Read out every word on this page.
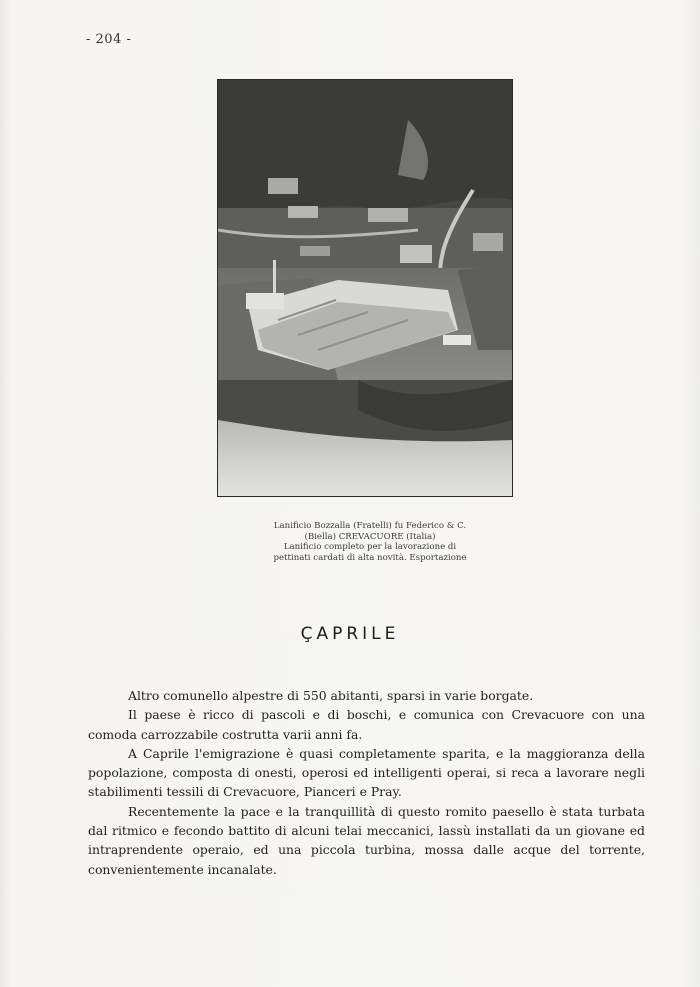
- 204 -
Lanificio Bozzalla (Fratelli) fu Federico & C.
(Biella) CREVACUORE (Italia)
Lanificio completo per la lavorazione di
pettinati cardati di alta novità. Esportazione
ÇAPRILE

Altro comunello alpestre di 550 abitanti, sparsi in varie borgate.

Il paese è ricco di pascoli e di boschi, e comunica con Crevacuore con una comoda carrozzabile costrutta varii anni fa.

A Caprile l'emigrazione è quasi completamente sparita, e la maggioranza della popolazione, composta di onesti, operosi ed intelligenti operai, si reca a lavorare negli stabilimenti tessili di Crevacuore, Pianceri e Pray.

Recentemente la pace e la tranquillità di questo romito paesello è stata turbata dal ritmico e fecondo battito di alcuni telai meccanici, lassù installati da un giovane ed intraprendente operaio, ed una piccola turbina, mossa dalle acque del torrente, convenientemente incanalate.
